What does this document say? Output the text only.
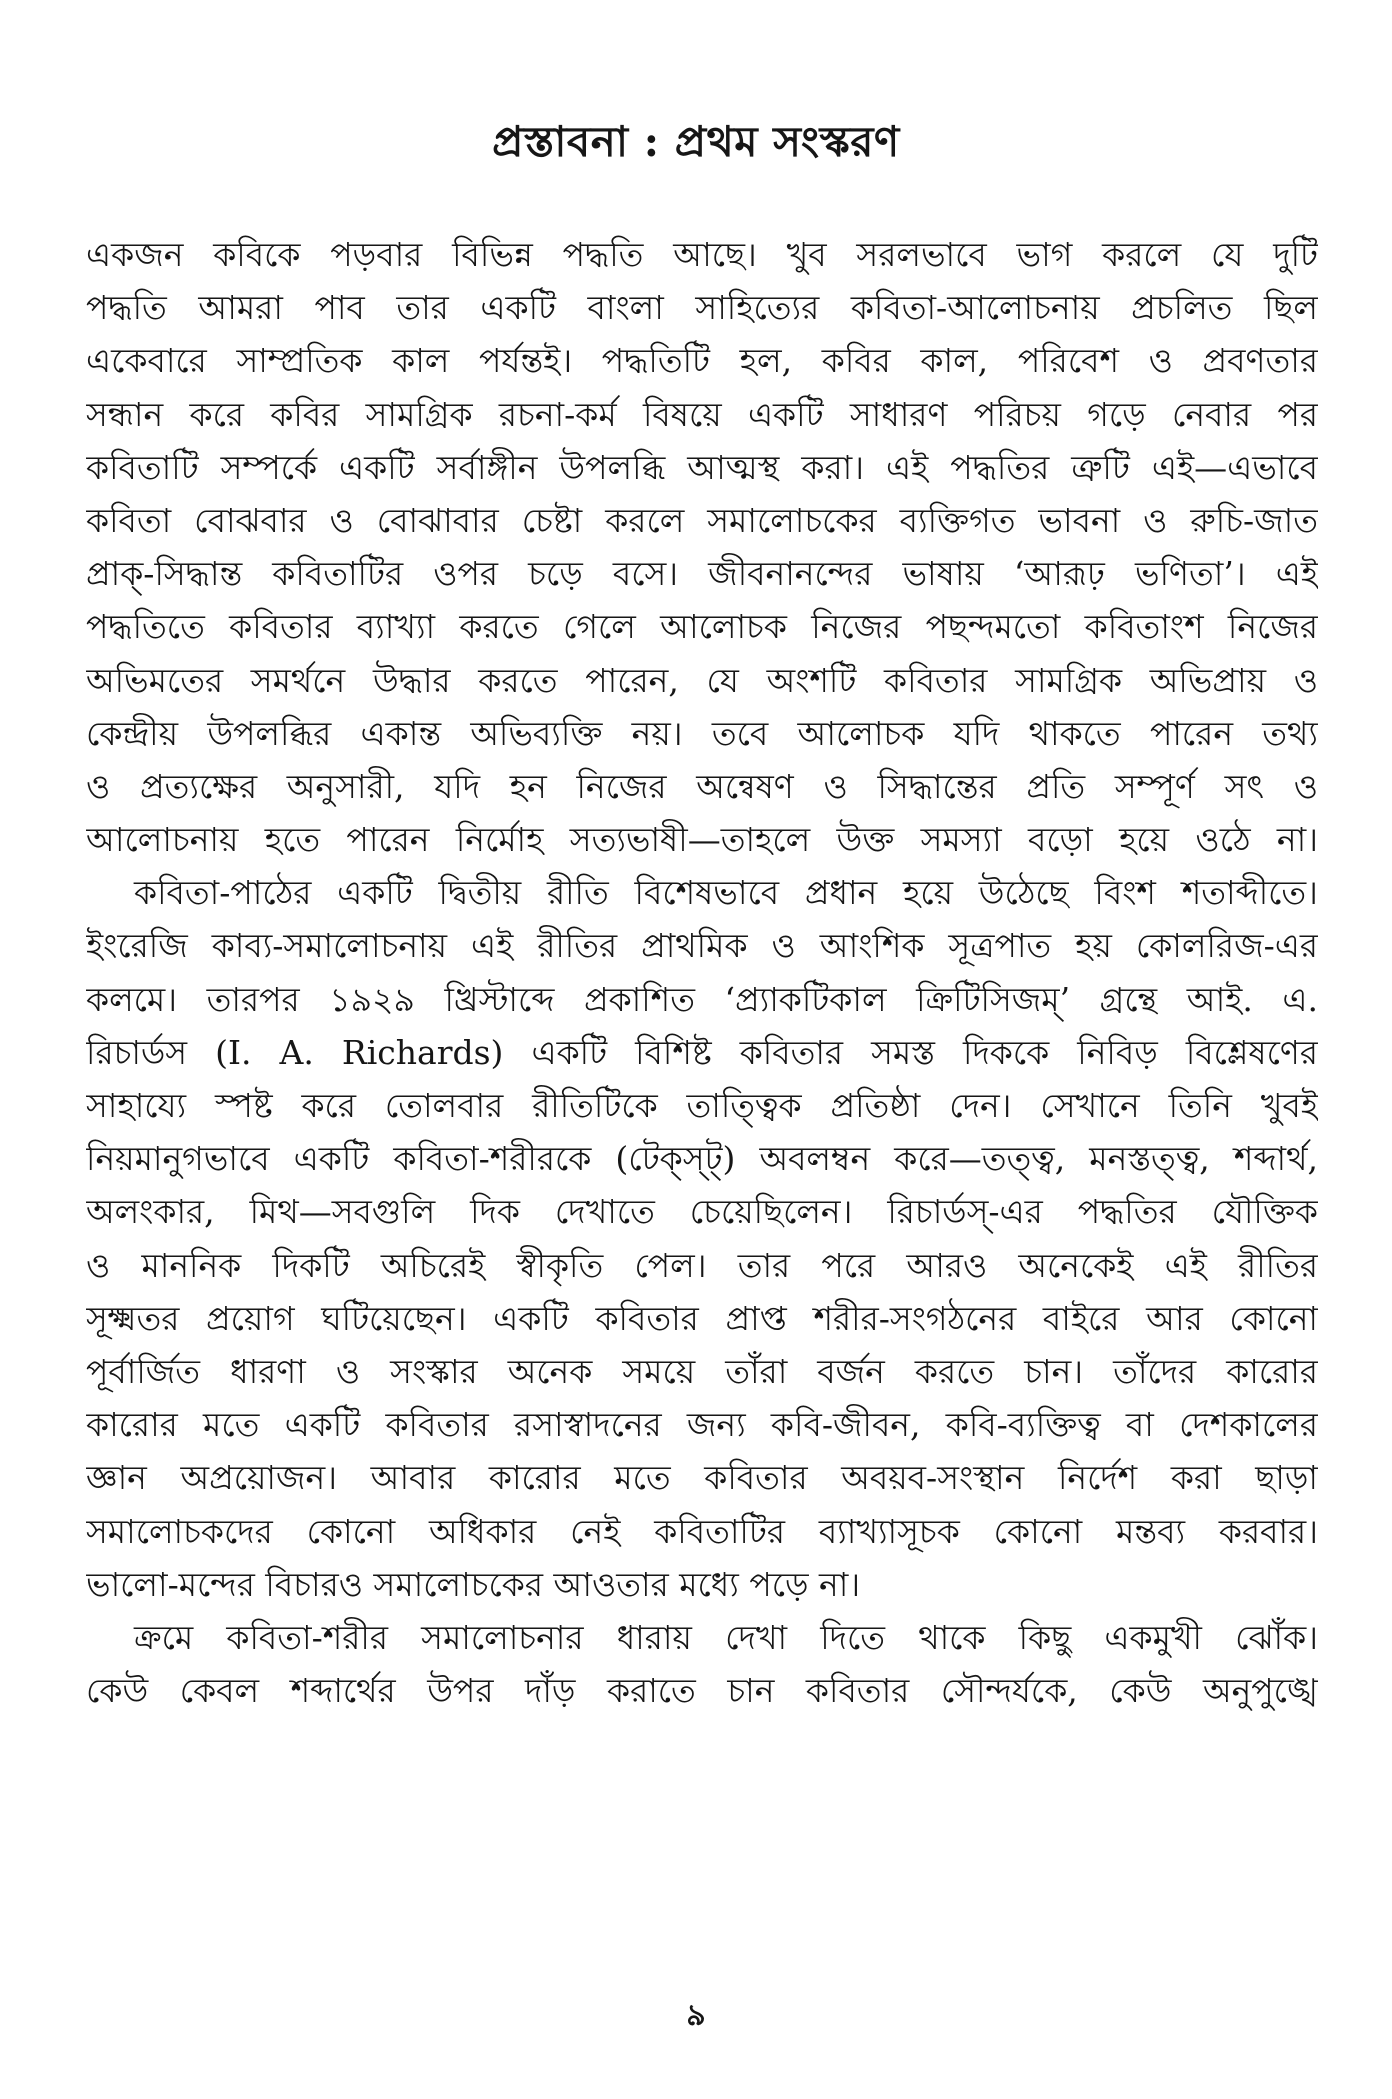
প্রস্তাবনা : প্রথম সংস্করণ
একজন কবিকে পড়বার বিভিন্ন পদ্ধতি আছে। খুব সরলভাবে ভাগ করলে যে দুটি
পদ্ধতি আমরা পাব তার একটি বাংলা সাহিত্যের কবিতা-আলোচনায় প্রচলিত ছিল
একেবারে সাম্প্রতিক কাল পর্যন্তই। পদ্ধতিটি হল, কবির কাল, পরিবেশ ও প্রবণতার
সন্ধান করে কবির সামগ্রিক রচনা-কর্ম বিষয়ে একটি সাধারণ পরিচয় গড়ে নেবার পর
কবিতাটি সম্পর্কে একটি সর্বাঙ্গীন উপলব্ধি আত্মস্থ করা। এই পদ্ধতির ত্রুটি এই—এভাবে
কবিতা বোঝবার ও বোঝাবার চেষ্টা করলে সমালোচকের ব্যক্তিগত ভাবনা ও রুচি-জাত
প্রাক্-সিদ্ধান্ত কবিতাটির ওপর চড়ে বসে। জীবনানন্দের ভাষায় ‘আরূঢ় ভণিতা’। এই
পদ্ধতিতে কবিতার ব্যাখ্যা করতে গেলে আলোচক নিজের পছন্দমতো কবিতাংশ নিজের
অভিমতের সমর্থনে উদ্ধার করতে পারেন, যে অংশটি কবিতার সামগ্রিক অভিপ্রায় ও
কেন্দ্রীয় উপলব্ধির একান্ত অভিব্যক্তি নয়। তবে আলোচক যদি থাকতে পারেন তথ্য
ও প্রত্যক্ষের অনুসারী, যদি হন নিজের অন্বেষণ ও সিদ্ধান্তের প্রতি সম্পূর্ণ সৎ ও
আলোচনায় হতে পারেন নির্মোহ সত্যভাষী—তাহলে উক্ত সমস্যা বড়ো হয়ে ওঠে না।
কবিতা-পাঠের একটি দ্বিতীয় রীতি বিশেষভাবে প্রধান হয়ে উঠেছে বিংশ শতাব্দীতে।
ইংরেজি কাব্য-সমালোচনায় এই রীতির প্রাথমিক ও আংশিক সূত্রপাত হয় কোলরিজ-এর
কলমে। তারপর ১৯২৯ খ্রিস্টাব্দে প্রকাশিত ‘প্র্যাকটিকাল ক্রিটিসিজম্’ গ্রন্থে আই. এ.
রিচার্ডস (I. A. Richards) একটি বিশিষ্ট কবিতার সমস্ত দিককে নিবিড় বিশ্লেষণের
সাহায্যে স্পষ্ট করে তোলবার রীতিটিকে তাত্ত্বিক প্রতিষ্ঠা দেন। সেখানে তিনি খুবই
নিয়মানুগভাবে একটি কবিতা-শরীরকে (টেক্স্ট্) অবলম্বন করে—তত্ত্ব, মনস্তত্ত্ব, শব্দার্থ,
অলংকার, মিথ—সবগুলি দিক দেখাতে চেয়েছিলেন। রিচার্ডস্-এর পদ্ধতির যৌক্তিক
ও মাননিক দিকটি অচিরেই স্বীকৃতি পেল। তার পরে আরও অনেকেই এই রীতির
সূক্ষ্মতর প্রয়োগ ঘটিয়েছেন। একটি কবিতার প্রাপ্ত শরীর-সংগঠনের বাইরে আর কোনো
পূর্বার্জিত ধারণা ও সংস্কার অনেক সময়ে তাঁরা বর্জন করতে চান। তাঁদের কারোর
কারোর মতে একটি কবিতার রসাস্বাদনের জন্য কবি-জীবন, কবি-ব্যক্তিত্ব বা দেশকালের
জ্ঞান অপ্রয়োজন। আবার কারোর মতে কবিতার অবয়ব-সংস্থান নির্দেশ করা ছাড়া
সমালোচকদের কোনো অধিকার নেই কবিতাটির ব্যাখ্যাসূচক কোনো মন্তব্য করবার।
ভালো-মন্দের বিচারও সমালোচকের আওতার মধ্যে পড়ে না।
ক্রমে কবিতা-শরীর সমালোচনার ধারায় দেখা দিতে থাকে কিছু একমুখী ঝোঁক।
কেউ কেবল শব্দার্থের উপর দাঁড় করাতে চান কবিতার সৌন্দর্যকে, কেউ অনুপুঙ্খে
৯
